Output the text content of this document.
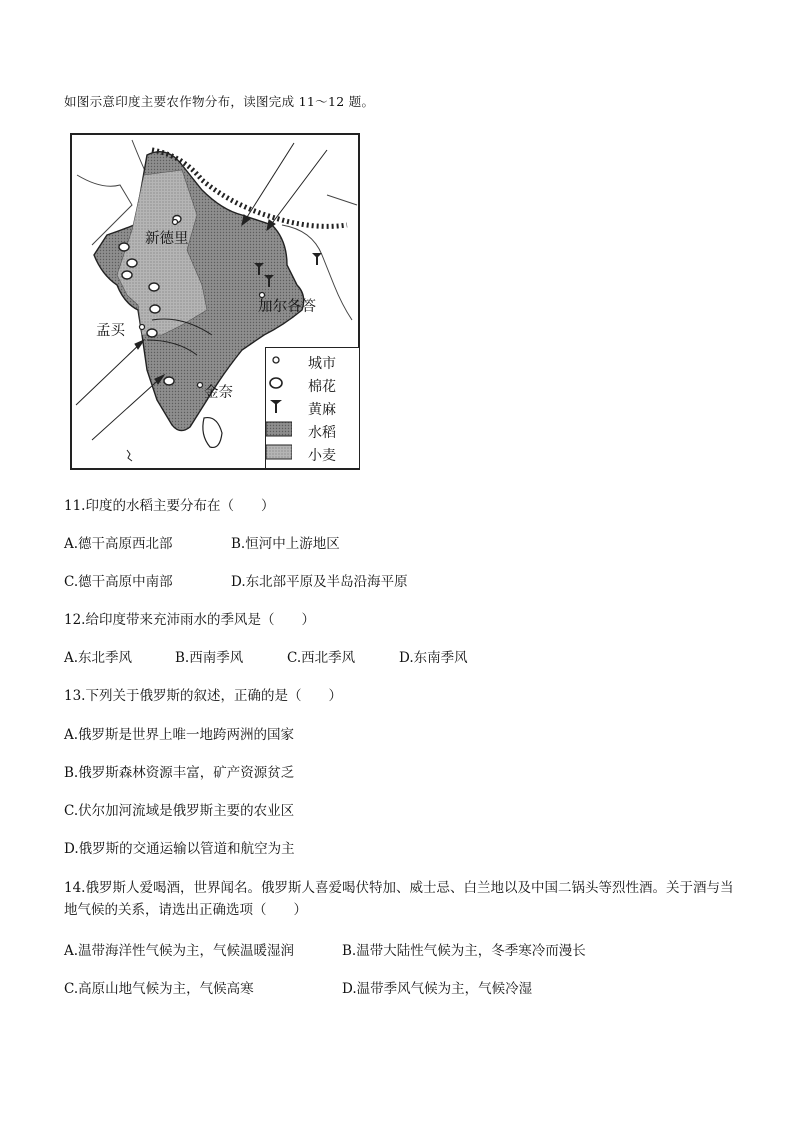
如图示意印度主要农作物分布，读图完成 11～12 题。
新德里
加尔各答
孟买
金奈
城市
棉花
黄麻
水稻
小麦
11.印度的水稻主要分布在（　　）
A.德干高原西北部	B.恒河中上游地区
C.德干高原中南部	D.东北部平原及半岛沿海平原
12.给印度带来充沛雨水的季风是（　　）
A.东北季风	B.西南季风	C.西北季风	D.东南季风
13.下列关于俄罗斯的叙述，正确的是（　　）
A.俄罗斯是世界上唯一地跨两洲的国家
B.俄罗斯森林资源丰富，矿产资源贫乏
C.伏尔加河流域是俄罗斯主要的农业区
D.俄罗斯的交通运输以管道和航空为主
14.俄罗斯人爱喝酒，世界闻名。俄罗斯人喜爱喝伏特加、威士忌、白兰地以及中国二锅头等烈性酒。关于酒与当地气候的关系，请选出正确选项（　　）
A.温带海洋性气候为主，气候温暖湿润	B.温带大陆性气候为主，冬季寒冷而漫长
C.高原山地气候为主，气候高寒	D.温带季风气候为主，气候冷湿
